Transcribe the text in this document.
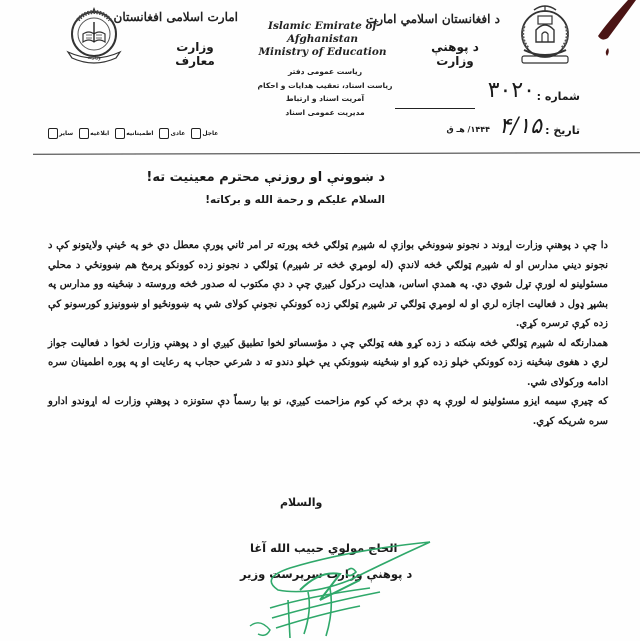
وزارت
امارت اسلامی افغانستان
وزارت معارف
Islamic Emirate of Afghanistan
Ministry of Education
د افغانستان اسلامي امارت
د پوهنې وزارت
ریاست عمومی دفتر
ریاست اسناد، تعقیب هدایات و احکام
آمریت اسناد و ارتباط
مدیریت عمومی اسناد
شماره :
۳۰۲۰
تاریخ :
۴/۱۵
۱۴۴۴/ هـ ق
عاجل
عادی
اطمینانیه
ابلاغیه
سایر
د ښوونې او روزنې محترم معینیت ته!
السلام علیکم و رحمة الله و برکاته!

دا چې د پوهنې وزارت اړوند د نجونو ښوونځي بوازې له شپږم ټولګي څخه پورته تر امر ثاني پورې معطل دي خو په ځینې ولایتونو کې د نجونو دیني مدارس او له شپږم ټولګي څخه لاندې (له لومړي څخه تر شپږم) ټولګي د نجونو زده کوونکو پرمخ هم ښوونځي د محلي مسئولینو له لورې تړل شوي دي. په همدې اساس، هدایت درکول کیږي چې د دې مکتوب له صدور څخه وروسته د ښځینه وو مدارس په بشپړ ډول د فعالیت اجازه لري او له لومړي ټولګي تر شپږم ټولګي زده کوونکې نجونې کولای شي په ښوونځیو او ښوونیزو کورسونو کې زده کړې ترسره کړي.

همدارنګه له شپږم ټولګي څخه ښکته د زده کړو هغه ټولګي چې د مؤسساتو لخوا تطبیق کیږي او د پوهنې وزارت لخوا د فعالیت جواز لري د هغوی ښځینه زده کوونکې خپلو زده کړو او ښځینه ښوونکې یې خپلو دندو ته د شرعي حجاب په رعایت او په پوره اطمینان سره ادامه ورکولای شي.

که چیرې سیمه ایزو مسئولینو له لورې په دې برخه کې کوم مزاحمت کیږي، نو بیا رسماً دې ستونزه د پوهنې وزارت له اړوندو ادارو سره شریکه کړي.

والسلام
الحاج مولوي حبیب الله آغا
د پوهنې وزارت سرپرست وزیر
